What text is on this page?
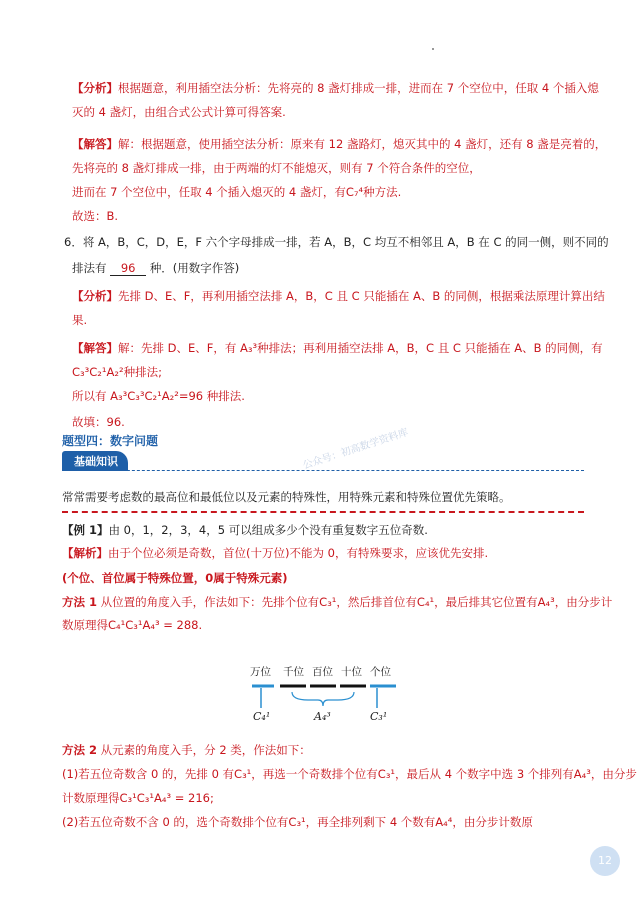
【分析】根据题意，利用插空法分析：先将亮的 8 盏灯排成一排，进而在 7 个空位中，任取 4 个插入熄
灭的 4 盏灯，由组合式公式计算可得答案.
【解答】解：根据题意，使用插空法分析：原来有 12 盏路灯，熄灭其中的 4 盏灯，还有 8 盏是亮着的，
先将亮的 8 盏灯排成一排，由于两端的灯不能熄灭，则有 7 个符合条件的空位，
进而在 7 个空位中，任取 4 个插入熄灭的 4 盏灯，有C₇⁴种方法.
故选：B.
6．将 A，B，C，D，E，F 六个字母排成一排，若 A，B，C 均互不相邻且 A，B 在 C 的同一侧，则不同的
排法有 96 种．(用数字作答)
【分析】先排 D、E、F，再利用插空法排 A，B，C 且 C 只能插在 A、B 的同侧，根据乘法原理计算出结
果.
【解答】解：先排 D、E、F，有 A₃³种排法；再利用插空法排 A，B，C 且 C 只能插在 A、B 的同侧，有
C₃³C₂¹A₂²种排法;
所以有 A₃³C₃³C₂¹A₂²=96 种排法.
故填：96.
题型四：数字问题
基础知识	公众号：初高数学资料库
常常需要考虑数的最高位和最低位以及元素的特殊性，用特殊元素和特殊位置优先策略。
【例 1】由 0，1，2，3，4，5 可以组成多少个没有重复数字五位奇数.
【解析】由于个位必须是奇数，首位(十万位)不能为 0，有特殊要求，应该优先安排.
(个位、首位属于特殊位置，0属于特殊元素)
方法 1 从位置的角度入手，作法如下：先排个位有C₃¹，然后排首位有C₄¹，最后排其它位置有A₄³，由分步计
数原理得C₄¹C₃¹A₄³ = 288.
万位 千位 百位 十位 个位
C₄¹	A₄³	C₃¹
方法 2 从元素的角度入手，分 2 类，作法如下：
(1)若五位奇数含 0 的，先排 0 有C₃¹，再选一个奇数排个位有C₃¹，最后从 4 个数字中选 3 个排列有A₄³，由分步
计数原理得C₃¹C₃¹A₄³ = 216;
(2)若五位奇数不含 0 的，选个奇数排个位有C₃¹，再全排列剩下 4 个数有A₄⁴，由分步计数原
12
